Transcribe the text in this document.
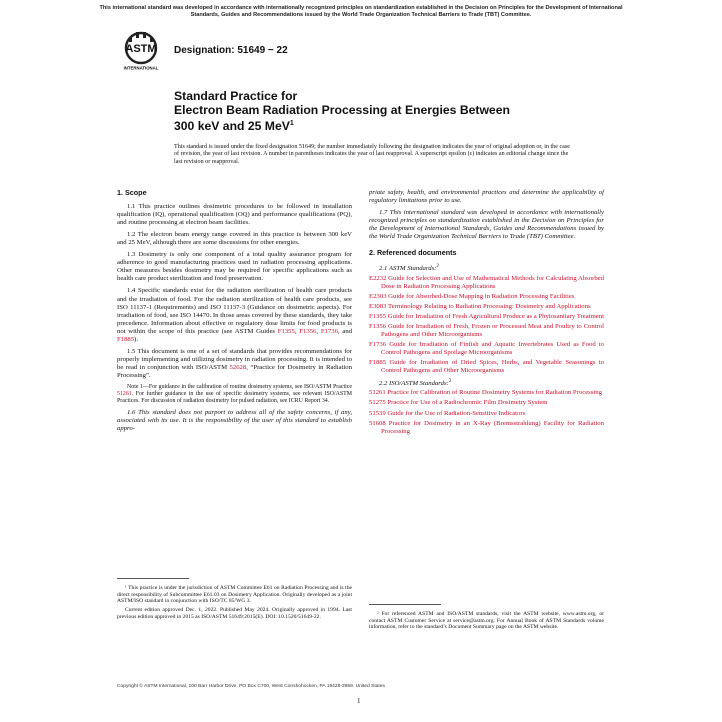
This international standard was developed in accordance with internationally recognized principles on standardization established in the Decision on Principles for the Development of International Standards, Guides and Recommendations issued by the World Trade Organization Technical Barriers to Trade (TBT) Committee.
ASTM
INTERNATIONAL
Designation: 51649 − 22
Standard Practice for
Electron Beam Radiation Processing at Energies Between
300 keV and 25 MeV$^1$
This standard is issued under the fixed designation 51649; the number immediately following the designation indicates the year of original adoption or, in the case of revision, the year of last revision. A number in parentheses indicates the year of last reapproval. A superscript epsilon (ε) indicates an editorial change since the last revision or reapproval.
1. Scope

1.1 This practice outlines dosimetric procedures to be followed in installation qualification (IQ), operational qualification (OQ) and performance qualifications (PQ), and routine processing at electron beam facilities.

1.2 The electron beam energy range covered in this practice is between 300 keV and 25 MeV, although there are some discussions for other energies.

1.3 Dosimetry is only one component of a total quality assurance program for adherence to good manufacturing practices used in radiation processing applications. Other measures besides dosimetry may be required for specific applications such as health care product sterilization and food preservation.

1.4 Specific standards exist for the radiation sterilization of health care products and the irradiation of food. For the radiation sterilization of health care products, see ISO 11137-1 (Requirements) and ISO 11137-3 (Guidance on dosimetric aspects). For irradiation of food, see ISO 14470. In those areas covered by these standards, they take precedence. Information about effective or regulatory dose limits for food products is not within the scope of this practice (see ASTM Guides F1355, F1356, F1736, and F1885).

1.5 This document is one of a set of standards that provides recommendations for properly implementing and utilizing dosimetry in radiation processing. It is intended to be read in conjunction with ISO/ASTM 52628, “Practice for Dosimetry in Radiation Processing”.

Note 1—For guidance in the calibration of routine dosimetry systems, see ISO/ASTM Practice 51261. For further guidance in the use of specific dosimetry systems, see relevant ISO/ASTM Practices. For discussion of radiation dosimetry for pulsed radiation, see ICRU Report 34.

1.6 This standard does not purport to address all of the safety concerns, if any, associated with its use. It is the responsibility of the user of this standard to establish appro-

¹ This practice is under the jurisdiction of ASTM Committee E61 on Radiation Processing and is the direct responsibility of Subcommittee E61.03 on Dosimetry Application. Originally developed as a joint ASTM/ISO standard in conjunction with ISO/TC 85/WG 3.

Current edition approved Dec. 1, 2022. Published May 2024. Originally approved in 1994. Last previous edition approved in 2015 as ISO/ASTM 51649:2015(E). DOI: 10.1520/51649-22.

priate safety, health, and environmental practices and determine the applicability of regulatory limitations prior to use.

1.7 This international standard was developed in accordance with internationally recognized principles on standardization established in the Decision on Principles for the Development of International Standards, Guides and Recommendations issued by the World Trade Organization Technical Barriers to Trade (TBT) Committee.

2. Referenced documents
2.1 ASTM Standards:$^2$
E2232 Guide for Selection and Use of Mathematical Methods for Calculating Absorbed Dose in Radiation Processing Applications
E2303 Guide for Absorbed-Dose Mapping in Radiation Processing Facilities
E3083 Terminology Relating to Radiation Processing: Dosimetry and Applications
F1355 Guide for Irradiation of Fresh Agricultural Produce as a Phytosanitary Treatment
F1356 Guide for Irradiation of Fresh, Frozen or Processed Meat and Poultry to Control Pathogens and Other Microorganisms
F1736 Guide for Irradiation of Finfish and Aquatic Invertebrates Used as Food to Control Pathogens and Spoilage Microorganisms
F1885 Guide for Irradiation of Dried Spices, Herbs, and Vegetable Seasonings to Control Pathogens and Other Microorganisms
2.2 ISO/ASTM Standards:$^2$
51261 Practice for Calibration of Routine Dosimetry Systems for Radiation Processing
51275 Practice for Use of a Radiochromic Film Dosimetry System
51539 Guide for the Use of Radiation-Sensitive Indicators
51608 Practice for Dosimetry in an X-Ray (Bremsstrahlung) Facility for Radiation Processing

² For referenced ASTM and ISO/ASTM standards, visit the ASTM website, www.astm.org, or contact ASTM Customer Service at service@astm.org. For Annual Book of ASTM Standards volume information, refer to the standard’s Document Summary page on the ASTM website.

Copyright © ASTM International, 100 Barr Harbor Drive, PO Box C700, West Conshohocken, PA 19428-2959. United States
1
